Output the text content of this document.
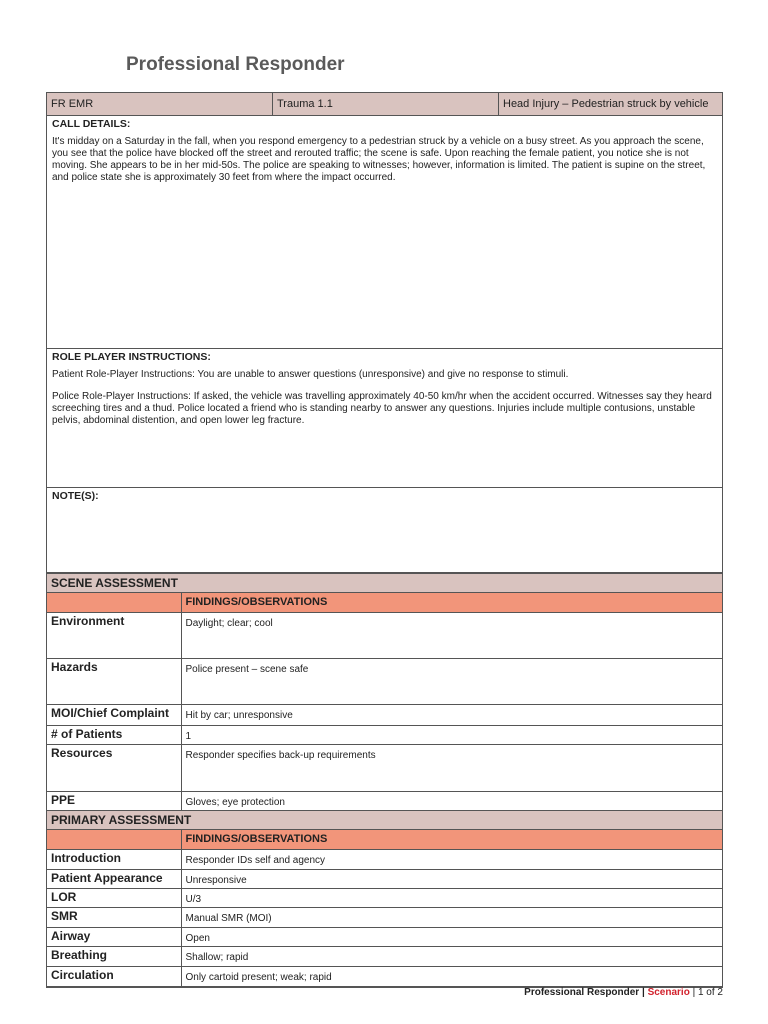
Professional Responder
FR EMR	Trauma 1.1	Head Injury – Pedestrian struck by vehicle
CALL DETAILS:

It's midday on a Saturday in the fall, when you respond emergency to a pedestrian struck by a vehicle on a busy street. As you approach the scene, you see that the police have blocked off the street and rerouted traffic; the scene is safe. Upon reaching the female patient, you notice she is not moving. She appears to be in her mid-50s. The police are speaking to witnesses; however, information is limited. The patient is supine on the street, and police state she is approximately 30 feet from where the impact occurred.

ROLE PLAYER INSTRUCTIONS:

Patient Role-Player Instructions: You are unable to answer questions (unresponsive) and give no response to stimuli.

Police Role-Player Instructions: If asked, the vehicle was travelling approximately 40-50 km/hr when the accident occurred. Witnesses say they heard screeching tires and a thud. Police located a friend who is standing nearby to answer any questions. Injuries include multiple contusions, unstable pelvis, abdominal distention, and open lower leg fracture.

NOTE(S):
SCENE ASSESSMENT	
	FINDINGS/OBSERVATIONS
Environment	Daylight; clear; cool
Hazards	Police present – scene safe
MOI/Chief Complaint	Hit by car; unresponsive
# of Patients	1
Resources	Responder specifies back-up requirements
PPE	Gloves; eye protection
PRIMARY ASSESSMENT	
	FINDINGS/OBSERVATIONS
Introduction	Responder IDs self and agency
Patient Appearance	Unresponsive
LOR	U/3
SMR	Manual SMR (MOI)
Airway	Open
Breathing	Shallow; rapid
Circulation	Only cartoid present; weak; rapid
Professional Responder | Scenario | 1 of 2
